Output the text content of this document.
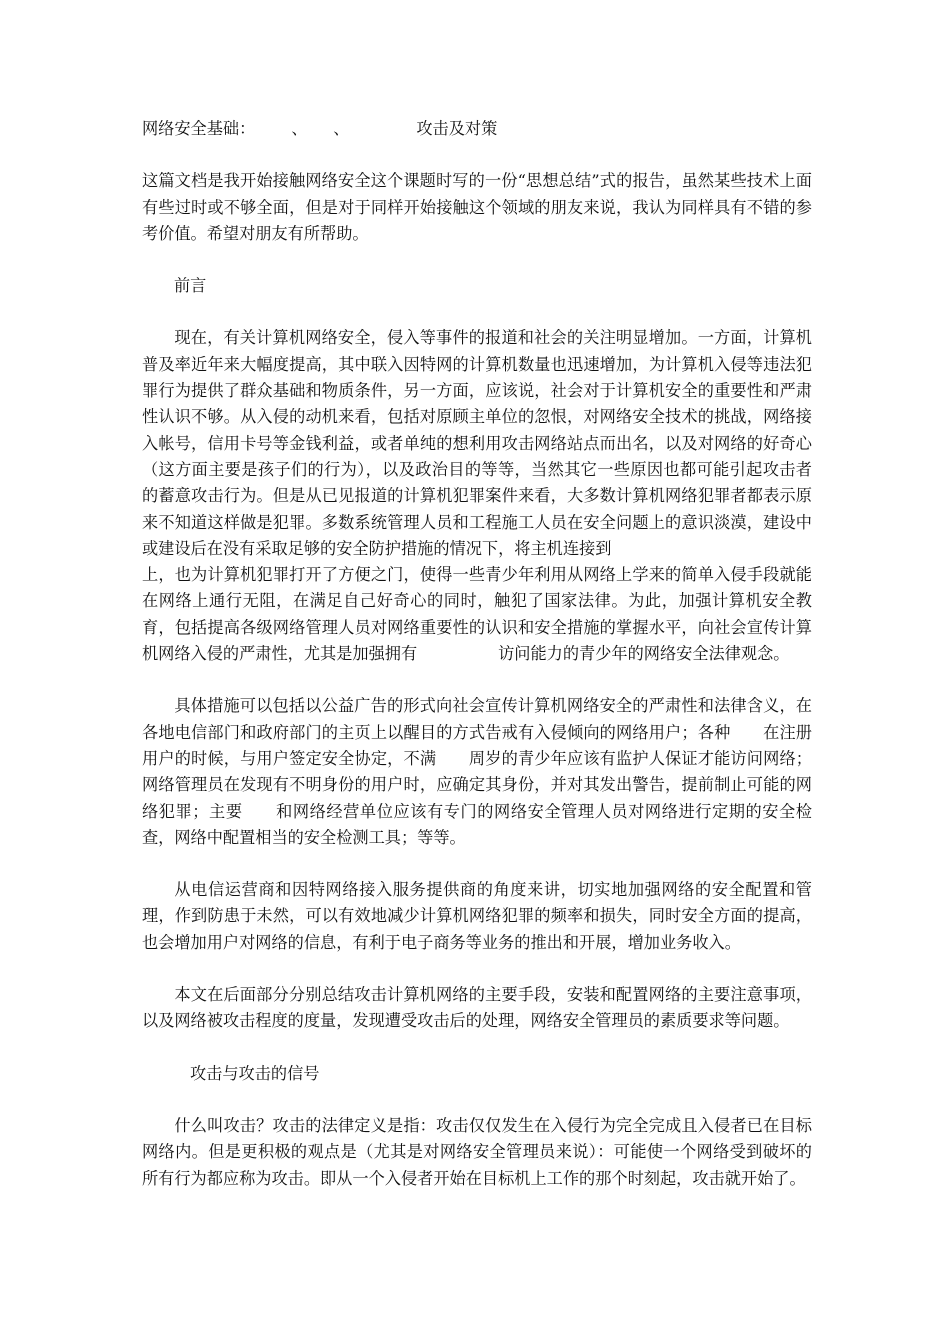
网络安全基础： 、 、	攻击及对策

这篇文档是我开始接触网络安全这个课题时写的一份“思想总结”式的报告，虽然某些技术上面有些过时或不够全面，但是对于同样开始接触这个领域的朋友来说，我认为同样具有不错的参考价值。希望对朋友有所帮助。

前言

现在，有关计算机网络安全，侵入等事件的报道和社会的关注明显增加。一方面，计算机普及率近年来大幅度提高，其中联入因特网的计算机数量也迅速增加，为计算机入侵等违法犯罪行为提供了群众基础和物质条件，另一方面，应该说，社会对于计算机安全的重要性和严肃性认识不够。从入侵的动机来看，包括对原顾主单位的忽恨，对网络安全技术的挑战，网络接入帐号，信用卡号等金钱利益，或者单纯的想利用攻击网络站点而出名，以及对网络的好奇心（这方面主要是孩子们的行为），以及政治目的等等，当然其它一些原因也都可能引起攻击者的蓄意攻击行为。但是从已见报道的计算机犯罪案件来看，大多数计算机网络犯罪者都表示原来不知道这样做是犯罪。多数系统管理人员和工程施工人员在安全问题上的意识淡漠，建设中或建设后在没有采取足够的安全防护措施的情况下，将主机连接到

上，也为计算机犯罪打开了方便之门，使得一些青少年利用从网络上学来的简单入侵手段就能在网络上通行无阻，在满足自己好奇心的同时，触犯了国家法律。为此，加强计算机安全教育，包括提高各级网络管理人员对网络重要性的认识和安全措施的掌握水平，向社会宣传计算机网络入侵的严肃性，尤其是加强拥有　　　　　访问能力的青少年的网络安全法律观念。

具体措施可以包括以公益广告的形式向社会宣传计算机网络安全的严肃性和法律含义，在各地电信部门和政府部门的主页上以醒目的方式告戒有入侵倾向的网络用户；各种　　在注册用户的时候，与用户签定安全协定，不满　　周岁的青少年应该有监护人保证才能访问网络；网络管理员在发现有不明身份的用户时，应确定其身份，并对其发出警告，提前制止可能的网络犯罪；主要　　和网络经营单位应该有专门的网络安全管理人员对网络进行定期的安全检查，网络中配置相当的安全检测工具；等等。

从电信运营商和因特网络接入服务提供商的角度来讲，切实地加强网络的安全配置和管理，作到防患于未然，可以有效地减少计算机网络犯罪的频率和损失，同时安全方面的提高，也会增加用户对网络的信息，有利于电子商务等业务的推出和开展，增加业务收入。

本文在后面部分分别总结攻击计算机网络的主要手段，安装和配置网络的主要注意事项，以及网络被攻击程度的度量，发现遭受攻击后的处理，网络安全管理员的素质要求等问题。

攻击与攻击的信号

什么叫攻击？攻击的法律定义是指：攻击仅仅发生在入侵行为完全完成且入侵者已在目标网络内。但是更积极的观点是（尤其是对网络安全管理员来说）：可能使一个网络受到破坏的所有行为都应称为攻击。即从一个入侵者开始在目标机上工作的那个时刻起，攻击就开始了。
